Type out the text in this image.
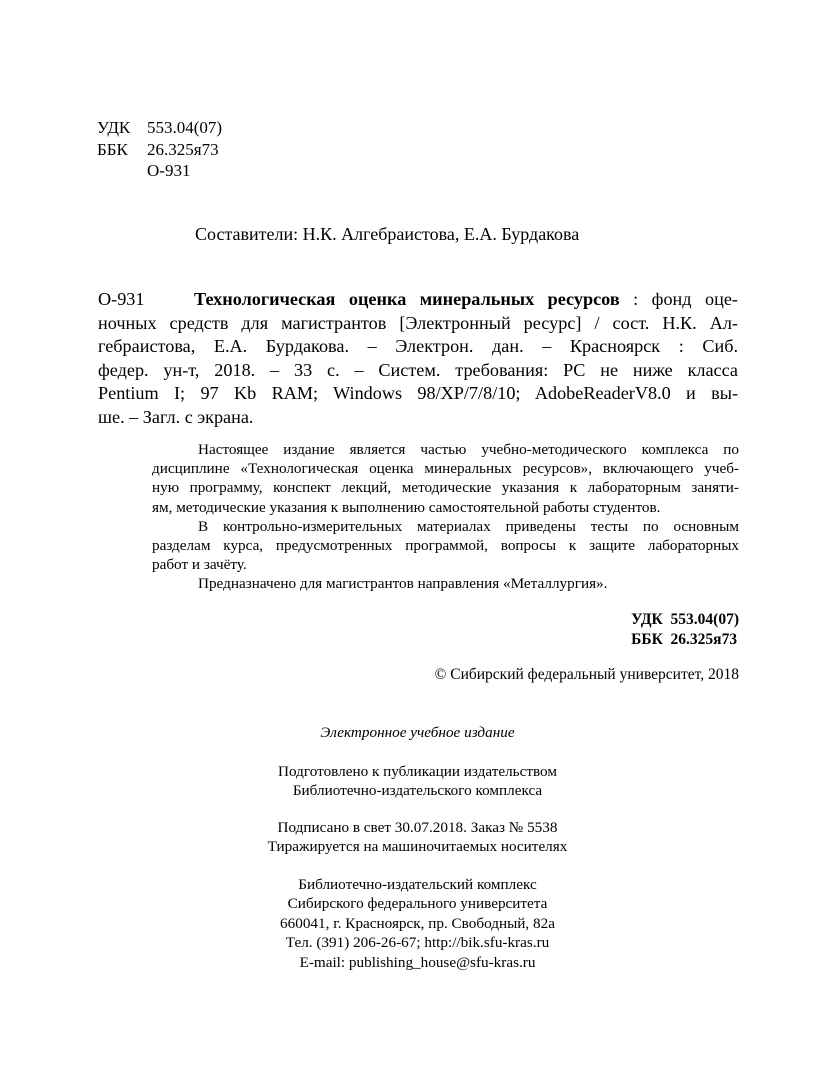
УДК 553.04(07)
ББК 26.325я73
О-931
Составители: Н.К. Алгебраистова, Е.А. Бурдакова
О-931	Технологическая оценка минеральных ресурсов : фонд оце-
ночных средств для магистрантов [Электронный ресурс] / сост. Н.К. Ал-
гебраистова, Е.А. Бурдакова. – Электрон. дан. – Красноярск : Сиб.
федер. ун-т, 2018. – 33 с. – Систем. требования: PC не ниже класса
Pentium I; 97 Kb RAM; Windows 98/XP/7/8/10; AdobeReaderV8.0 и вы-
ше. – Загл. с экрана.
Настоящее издание является частью учебно-методического комплекса по
дисциплине «Технологическая оценка минеральных ресурсов», включающего учеб-
ную программу, конспект лекций, методические указания к лабораторным заняти-
ям, методические указания к выполнению самостоятельной работы студентов.
В контрольно-измерительных материалах приведены тесты по основным
разделам курса, предусмотренных программой, вопросы к защите лабораторных
работ и зачёту.
Предназначено для магистрантов направления «Металлургия».
УДК  553.04(07)
ББК  26.325я73
© Сибирский федеральный университет, 2018
Электронное учебное издание
Подготовлено к публикации издательством
Библиотечно-издательского комплекса
Подписано в свет 30.07.2018. Заказ № 5538
Тиражируется на машиночитаемых носителях
Библиотечно-издательский комплекс
Сибирского федерального университета
660041, г. Красноярск, пр. Свободный, 82а
Тел. (391) 206-26-67; http://bik.sfu-kras.ru
E-mail: publishing_house@sfu-kras.ru
